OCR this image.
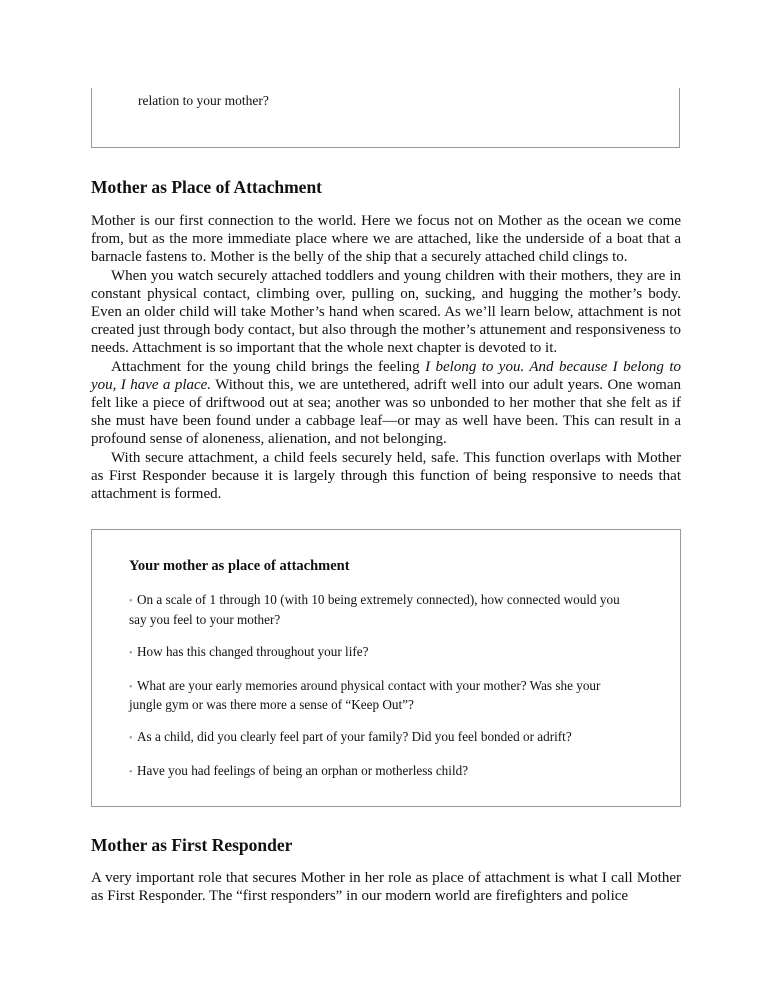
relation to your mother?

Mother as Place of Attachment

Mother is our first connection to the world. Here we focus not on Mother as the ocean we come from, but as the more immediate place where we are attached, like the underside of a boat that a barnacle fastens to. Mother is the belly of the ship that a securely attached child clings to.

When you watch securely attached toddlers and young children with their mothers, they are in constant physical contact, climbing over, pulling on, sucking, and hugging the mother’s body. Even an older child will take Mother’s hand when scared. As we’ll learn below, attachment is not created just through body contact, but also through the mother’s attunement and responsiveness to needs. Attachment is so important that the whole next chapter is devoted to it.

Attachment for the young child brings the feeling I belong to you. And because I belong to you, I have a place. Without this, we are untethered, adrift well into our adult years. One woman felt like a piece of driftwood out at sea; another was so unbonded to her mother that she felt as if she must have been found under a cabbage leaf—or may as well have been. This can result in a profound sense of aloneness, alienation, and not belonging.

With secure attachment, a child feels securely held, safe. This function overlaps with Mother as First Responder because it is largely through this function of being responsive to needs that attachment is formed.

Your mother as place of attachment

• On a scale of 1 through 10 (with 10 being extremely connected), how connected would you
say you feel to your mother?
• How has this changed throughout your life?
• What are your early memories around physical contact with your mother? Was she your
jungle gym or was there more a sense of “Keep Out”?
• As a child, did you clearly feel part of your family? Did you feel bonded or adrift?
• Have you had feelings of being an orphan or motherless child?
Mother as First Responder

A very important role that secures Mother in her role as place of attachment is what I call Mother as First Responder. The “first responders” in our modern world are firefighters and police
